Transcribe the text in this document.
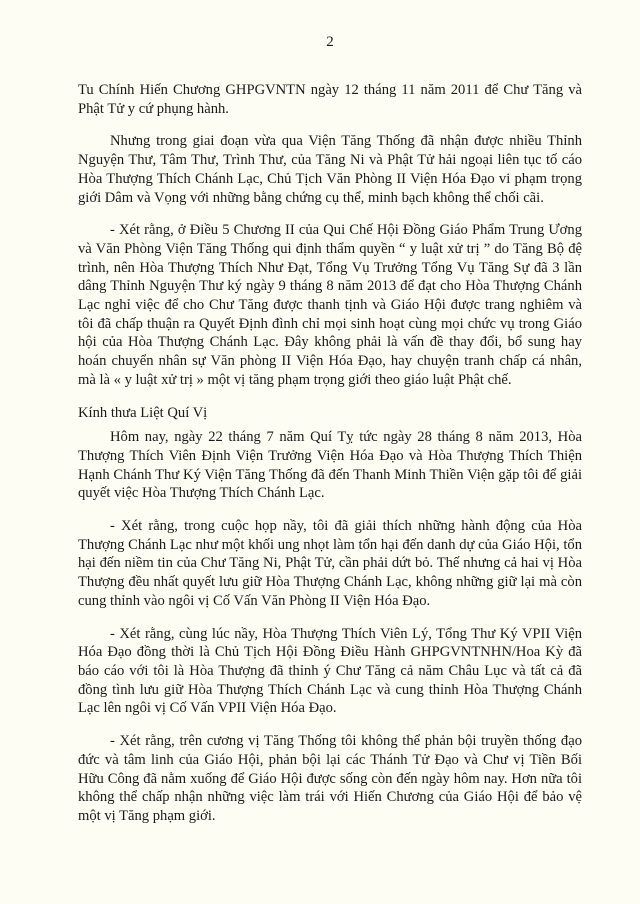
2

Tu Chính Hiến Chương GHPGVNTN ngày 12 tháng 11 năm 2011 để Chư Tăng và Phật Tử y cứ phụng hành.

Nhưng trong giai đoạn vừa qua Viện Tăng Thống đã nhận được nhiều Thỉnh Nguyện Thư, Tâm Thư, Trình Thư, của Tăng Ni và Phật Tử hải ngoại liên tục tố cáo Hòa Thượng Thích Chánh Lạc, Chủ Tịch Văn Phòng II Viện Hóa Đạo vi phạm trọng giới Dâm và Vọng với những bằng chứng cụ thể, minh bạch không thể chối cãi.

- Xét rằng, ở Điều 5 Chương II của Qui Chế Hội Đồng Giáo Phẩm Trung Ương và Văn Phòng Viện Tăng Thống qui định thẩm quyền “ y luật xử trị ” do Tăng Bộ đệ trình, nên Hòa Thượng Thích Như Đạt, Tổng Vụ Trưởng Tổng Vụ Tăng Sự đã 3 lần dâng Thỉnh Nguyện Thư ký ngày 9 tháng 8 năm 2013 để đạt cho Hòa Thượng Chánh Lạc nghỉ việc để cho Chư Tăng được thanh tịnh và Giáo Hội được trang nghiêm và tôi đã chấp thuận ra Quyết Định đình chỉ mọi sinh hoạt cùng mọi chức vụ trong Giáo hội của Hòa Thượng Chánh Lạc. Đây không phải là vấn đề thay đổi, bổ sung hay hoán chuyển nhân sự Văn phòng II Viện Hóa Đạo, hay chuyện tranh chấp cá nhân, mà là « y luật xử trị » một vị tăng phạm trọng giới theo giáo luật Phật chế.

Kính thưa Liệt Quí Vị

Hôm nay, ngày 22 tháng 7 năm Quí Tỵ tức ngày 28 tháng 8 năm 2013, Hòa Thượng Thích Viên Định Viện Trưởng Viện Hóa Đạo và Hòa Thượng Thích Thiện Hạnh Chánh Thư Ký Viện Tăng Thống đã đến Thanh Minh Thiền Viện gặp tôi để giải quyết việc Hòa Thượng Thích Chánh Lạc.

- Xét rằng, trong cuộc họp nầy, tôi đã giải thích những hành động của Hòa Thượng Chánh Lạc như một khối ung nhọt làm tổn hại đến danh dự của Giáo Hội, tổn hại đến niềm tin của Chư Tăng Ni, Phật Tử, cần phải dứt bỏ. Thế nhưng cả hai vị Hòa Thượng đều nhất quyết lưu giữ Hòa Thượng Chánh Lạc, không những giữ lại mà còn cung thỉnh vào ngôi vị Cố Vấn Văn Phòng II Viện Hóa Đạo.

- Xét rằng, cùng lúc nầy, Hòa Thượng Thích Viên Lý, Tổng Thư Ký VPII Viện Hóa Đạo đồng thời là Chủ Tịch Hội Đồng Điều Hành GHPGVNTNHN/Hoa Kỳ đã báo cáo với tôi là Hòa Thượng đã thỉnh ý Chư Tăng cả năm Châu Lục và tất cả đã đồng tình lưu giữ Hòa Thượng Thích Chánh Lạc và cung thỉnh Hòa Thượng Chánh Lạc lên ngôi vị Cố Vấn VPII Viện Hóa Đạo.

- Xét rằng, trên cương vị Tăng Thống tôi không thể phản bội truyền thống đạo đức và tâm linh của Giáo Hội, phản bội lại các Thánh Tử Đạo và Chư vị Tiền Bối Hữu Công đã nằm xuống để Giáo Hội được sống còn đến ngày hôm nay. Hơn nữa tôi không thể chấp nhận những việc làm trái với Hiến Chương của Giáo Hội để bảo vệ một vị Tăng phạm giới.
